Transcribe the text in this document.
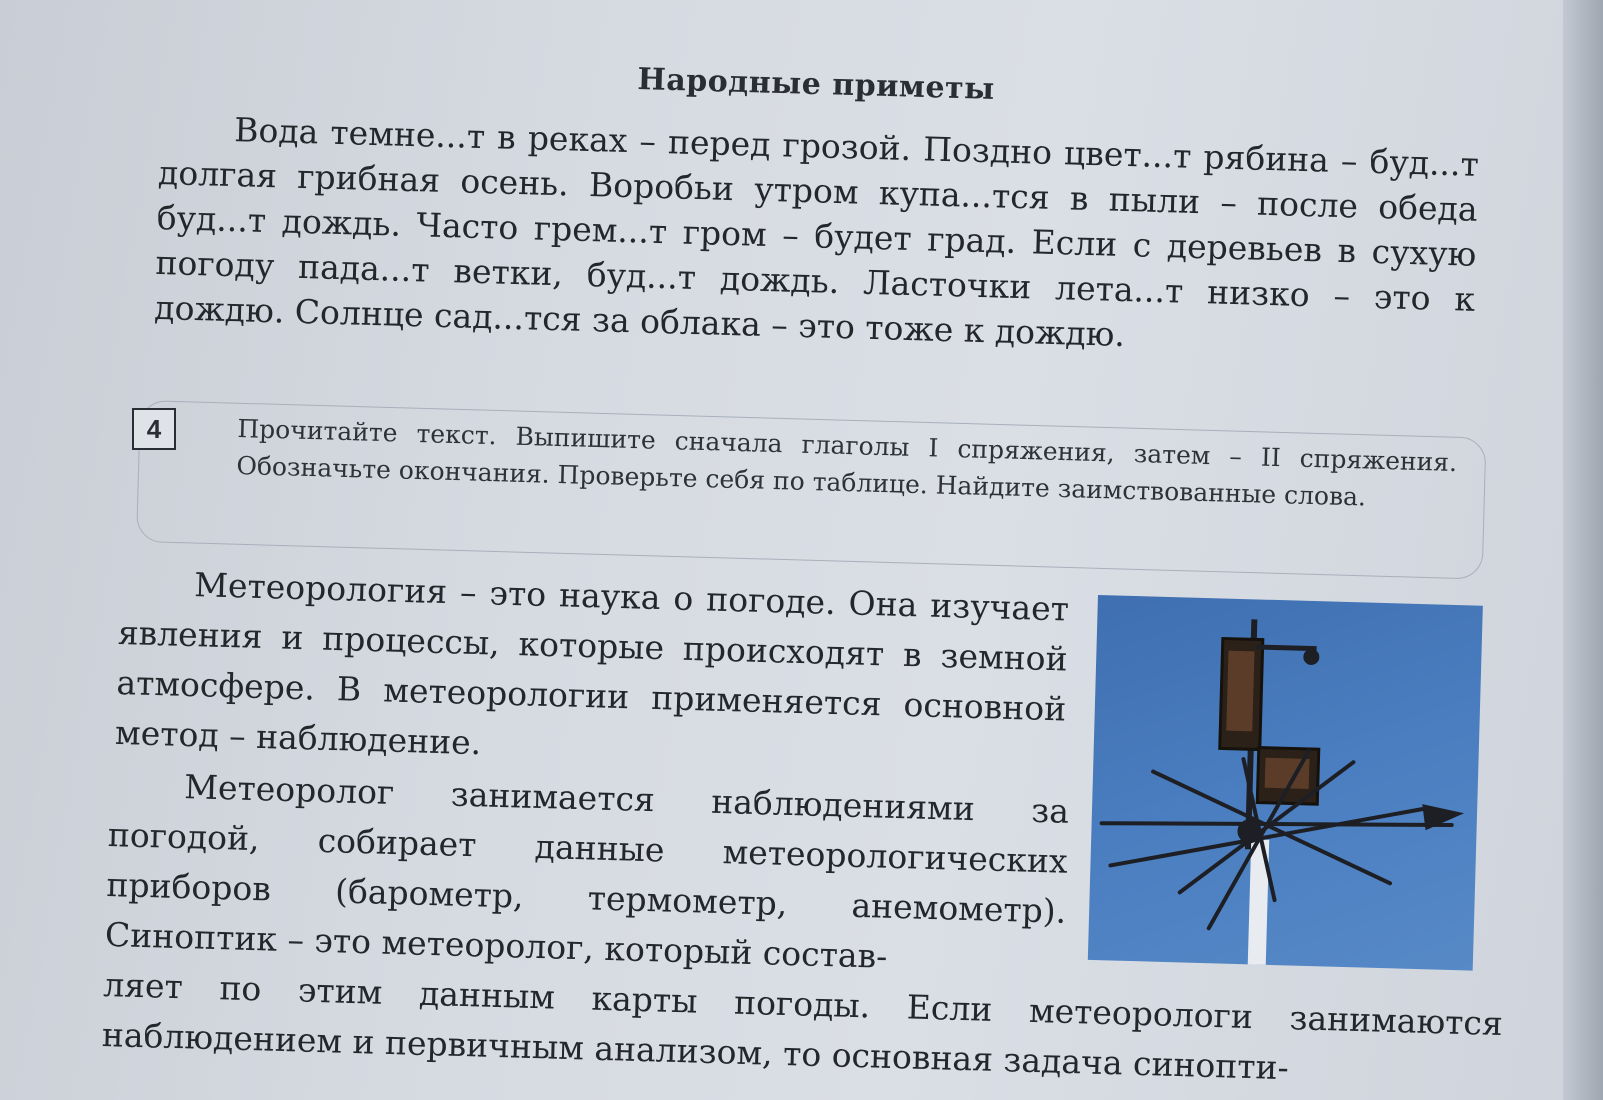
Народные приметы
Вода темне...т в реках – перед грозой. Поздно цвет...т рябина – буд...т долгая грибная осень. Воробьи утром купа...тся в пыли – после обеда буд...т дождь. Часто грем...т гром – будет град. Если с деревьев в сухую погоду пада...т ветки, буд...т дождь. Ласточки лета...т низко – это к дождю. Солнце сад...тся за облака – это тоже к дождю.
4	Прочитайте текст. Выпишите сначала глаголы I спряжения, затем – II спряжения. Обозначьте окончания. Проверьте себя по таблице. Найдите заимствованные слова.
Метеорология – это наука о погоде. Она изучает явления и процессы, которые происходят в земной атмосфере. В метеорологии применяется основной метод – наблюдение.
Метеоролог занимается наблюдениями за погодой, собирает данные метеорологических приборов (барометр, термометр, анемометр). Синоптик – это метеоролог, который состав-
ляет по этим данным карты погоды. Если метеорологи занимаются наблюдением и первичным анализом, то основная задача синопти-
